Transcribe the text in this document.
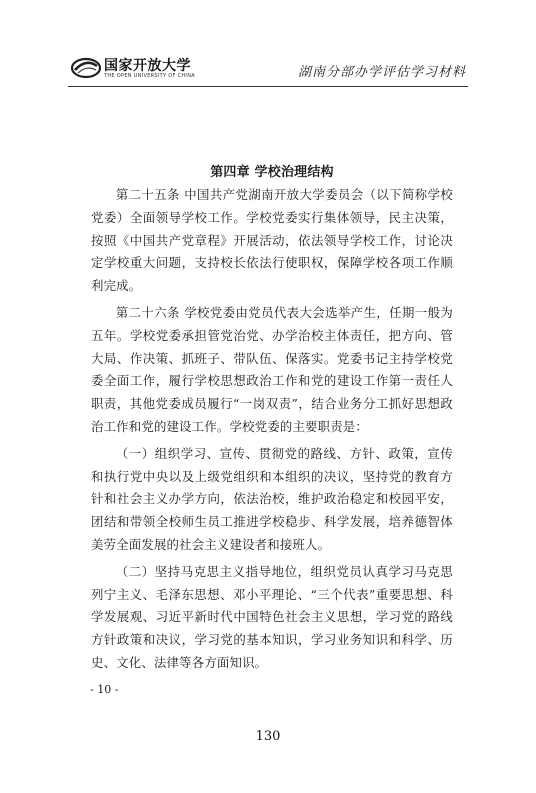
国家开放大学
THE OPEN UNIVERSITY OF CHINA	湖南分部办学评估学习材料

第四章 学校治理结构

第二十五条 中国共产党湖南开放大学委员会（以下简称学校党委）全面领导学校工作。学校党委实行集体领导，民主决策，按照《中国共产党章程》开展活动，依法领导学校工作，讨论决定学校重大问题，支持校长依法行使职权，保障学校各项工作顺利完成。

第二十六条 学校党委由党员代表大会选举产生，任期一般为五年。学校党委承担管党治党、办学治校主体责任，把方向、管大局、作决策、抓班子、带队伍、保落实。党委书记主持学校党委全面工作，履行学校思想政治工作和党的建设工作第一责任人职责，其他党委成员履行“一岗双责”，结合业务分工抓好思想政治工作和党的建设工作。学校党委的主要职责是：

（一）组织学习、宣传、贯彻党的路线、方针、政策，宣传和执行党中央以及上级党组织和本组织的决议，坚持党的教育方针和社会主义办学方向，依法治校，维护政治稳定和校园平安，团结和带领全校师生员工推进学校稳步、科学发展，培养德智体美劳全面发展的社会主义建设者和接班人。

（二）坚持马克思主义指导地位，组织党员认真学习马克思列宁主义、毛泽东思想、邓小平理论、“三个代表”重要思想、科学发展观、习近平新时代中国特色社会主义思想，学习党的路线方针政策和决议，学习党的基本知识，学习业务知识和科学、历史、文化、法律等各方面知识。

- 10 -
130
